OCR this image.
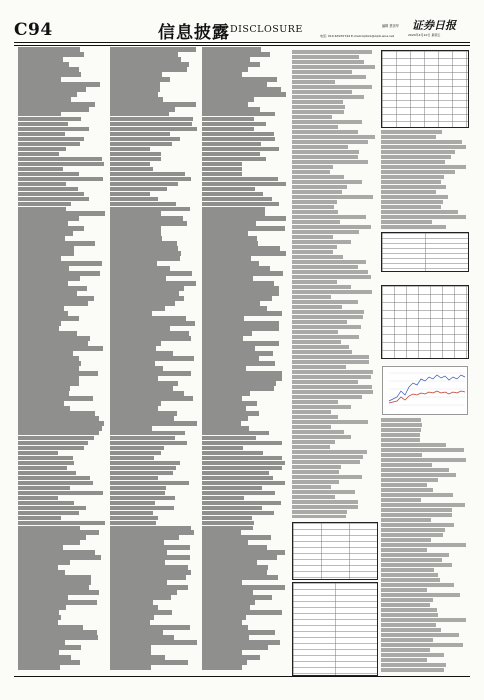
C94	信息披露 DISCLOSURE	编辑 蔡崇华
电话: 010-63070744 E-mail:zqrbzx@zqrb.sina.net
证券日报
2020年4月10日 星期五
